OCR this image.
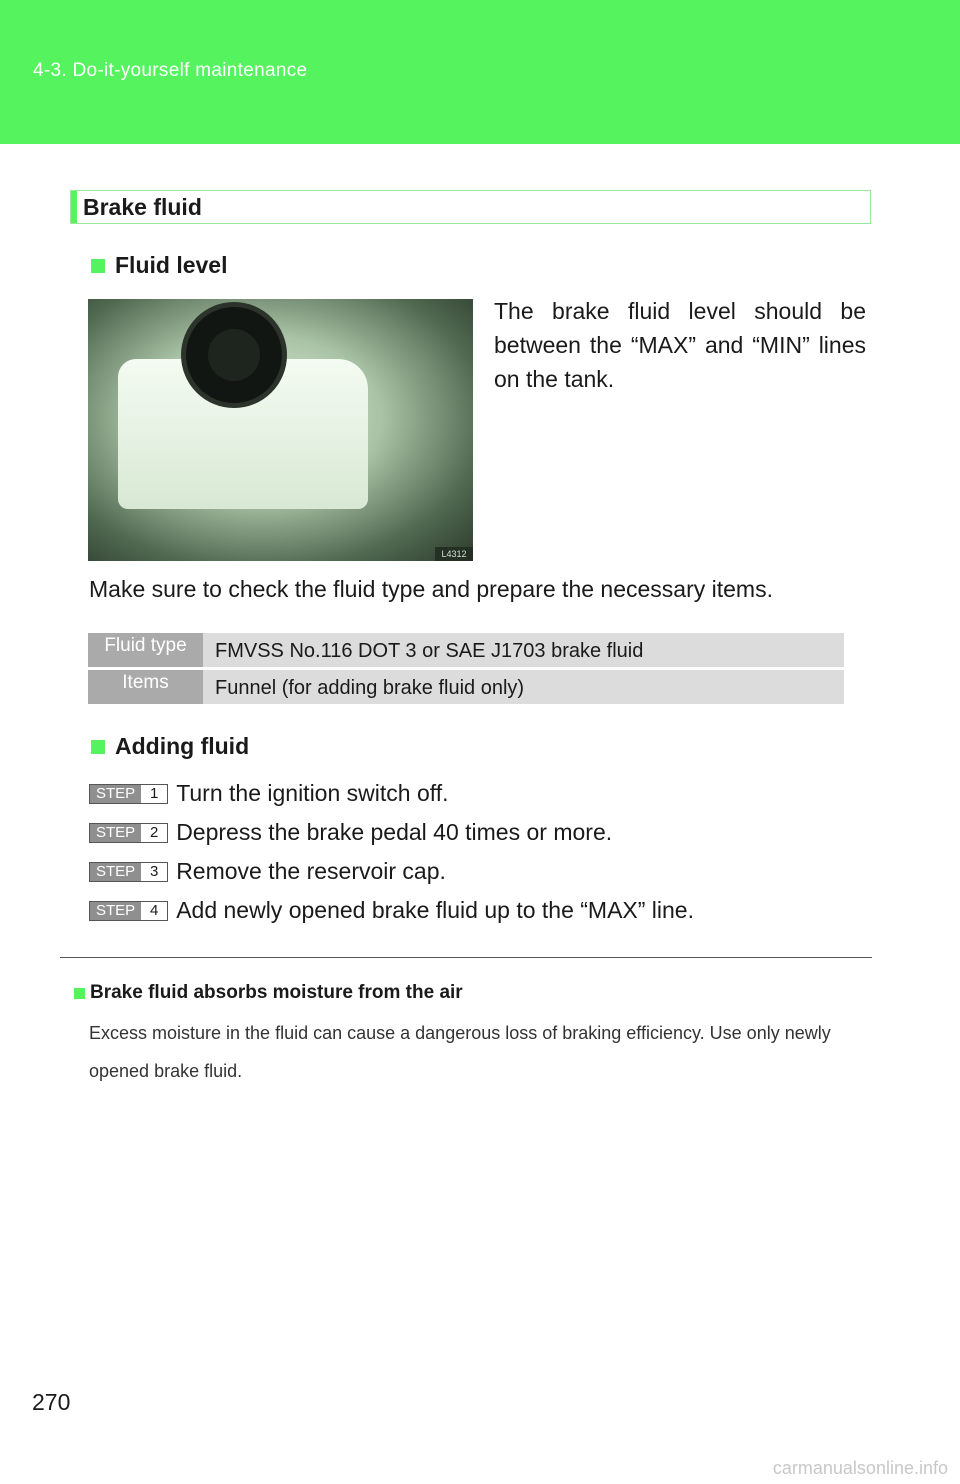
4-3. Do-it-yourself maintenance
Brake fluid
Fluid level
L4312
The brake fluid level should be between the “MAX” and “MIN” lines on the tank.
Make sure to check the fluid type and prepare the necessary items.
Fluid type	FMVSS No.116 DOT 3 or SAE J1703 brake fluid
Items	Funnel (for adding brake fluid only)
Adding fluid
STEP 1 Turn the ignition switch off.
STEP 2 Depress the brake pedal 40 times or more.
STEP 3 Remove the reservoir cap.
STEP 4 Add newly opened brake fluid up to the “MAX” line.
Brake fluid absorbs moisture from the air
Excess moisture in the fluid can cause a dangerous loss of braking efficiency. Use only newly opened brake fluid.
270
carmanualsonline.info
